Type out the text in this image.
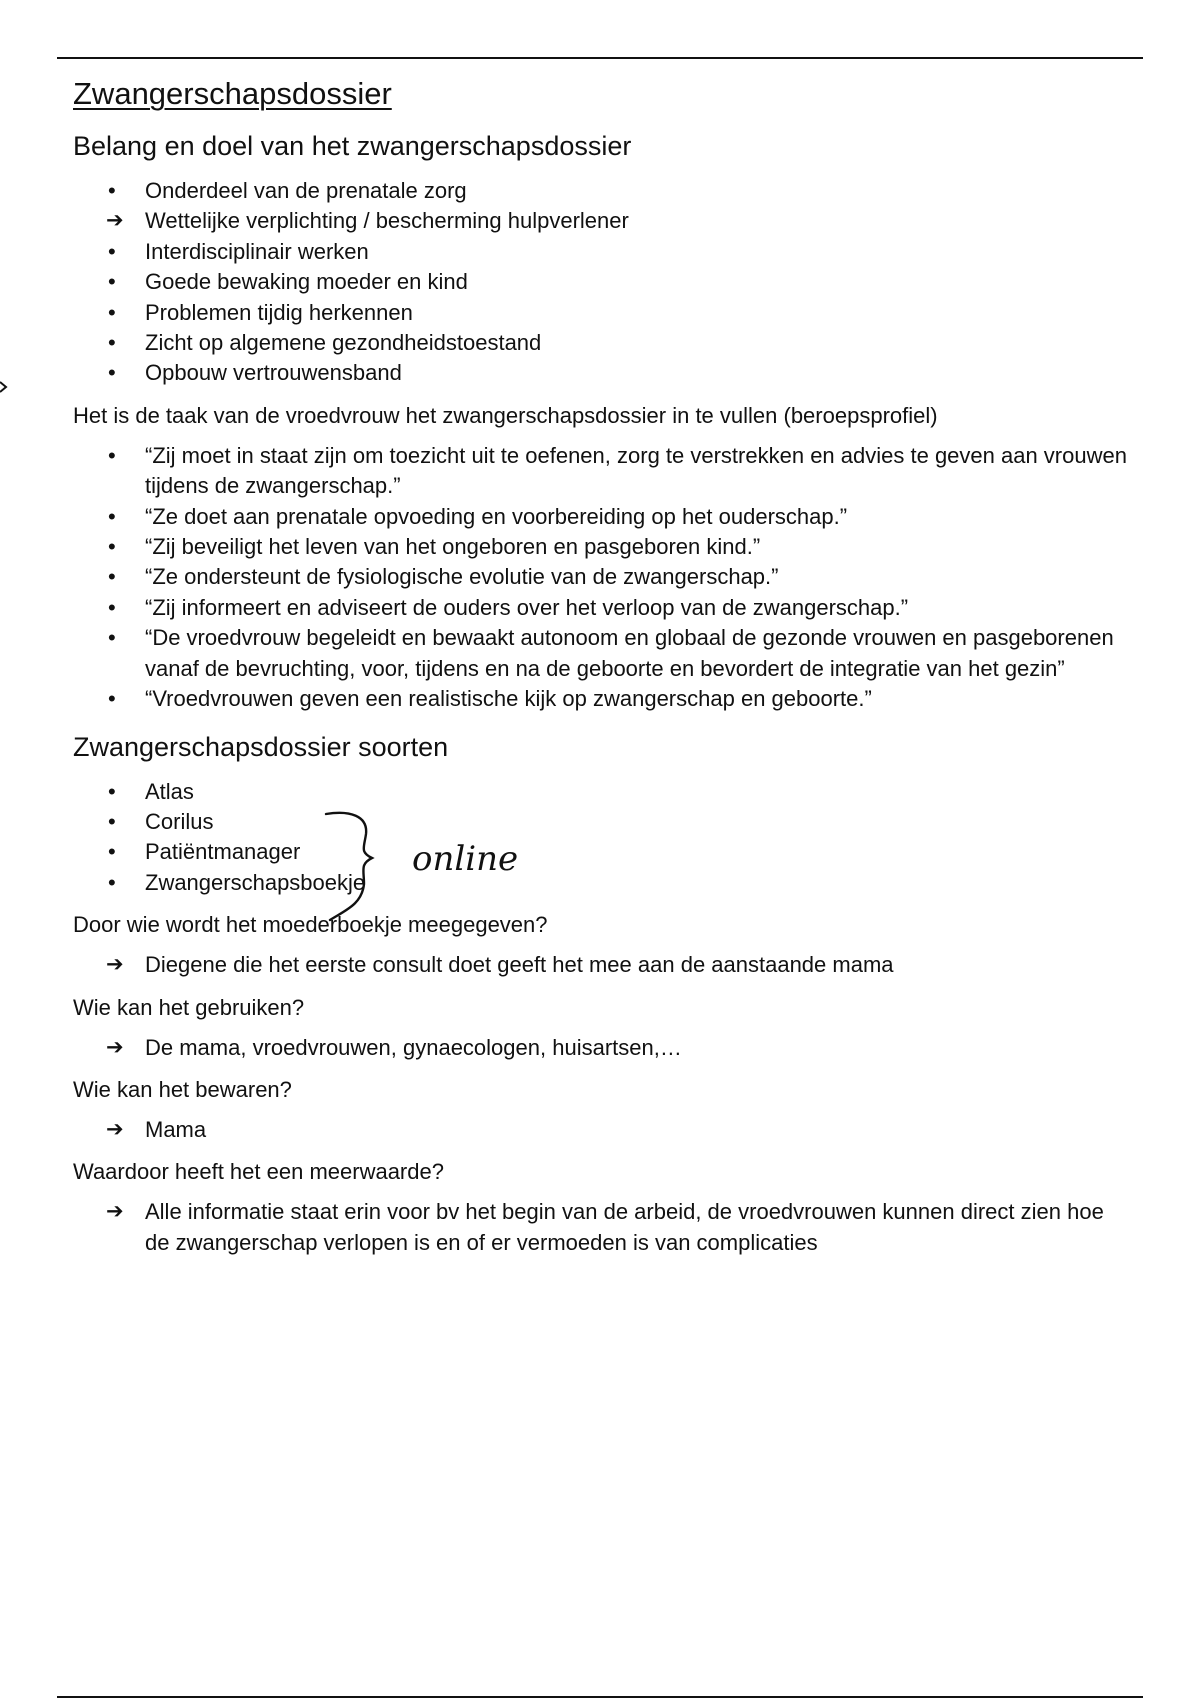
Zwangerschapsdossier
Belang en doel van het zwangerschapsdossier
•	Onderdeel van de prenatale zorg
➔ Wettelijke verplichting / bescherming hulpverlener
•	Interdisciplinair werken
•	Goede bewaking moeder en kind
•	Problemen tijdig herkennen
•	Zicht op algemene gezondheidstoestand
•	Opbouw vertrouwensband

Het is de taak van de vroedvrouw het zwangerschapsdossier in te vullen (beroepsprofiel)

•	“Zij moet in staat zijn om toezicht uit te oefenen, zorg te verstrekken en advies te geven aan vrouwen tijdens de zwangerschap.”
•	“Ze doet aan prenatale opvoeding en voorbereiding op het ouderschap.”
•	“Zij beveiligt het leven van het ongeboren en pasgeboren kind.”
•	“Ze ondersteunt de fysiologische evolutie van de zwangerschap.”
•	“Zij informeert en adviseert de ouders over het verloop van de zwangerschap.”
•	“De vroedvrouw begeleidt en bewaakt autonoom en globaal de gezonde vrouwen en pasgeborenen vanaf de bevruchting, voor, tijdens en na de geboorte en bevordert de integratie van het gezin”
•	“Vroedvrouwen geven een realistische kijk op zwangerschap en geboorte.”
Zwangerschapsdossier soorten
•	Atlas
•	Corilus
•	Patiëntmanager
•	Zwangerschapsboekje

Door wie wordt het moederboekje meegegeven?

➔ Diegene die het eerste consult doet geeft het mee aan de aanstaande mama

Wie kan het gebruiken?

➔ De mama, vroedvrouwen, gynaecologen, huisartsen,…

Wie kan het bewaren?

➔ Mama

Waardoor heeft het een meerwaarde?

➔ Alle informatie staat erin voor bv het begin van de arbeid, de vroedvrouwen kunnen direct zien hoe de zwangerschap verlopen is en of er vermoeden is van complicaties
online
